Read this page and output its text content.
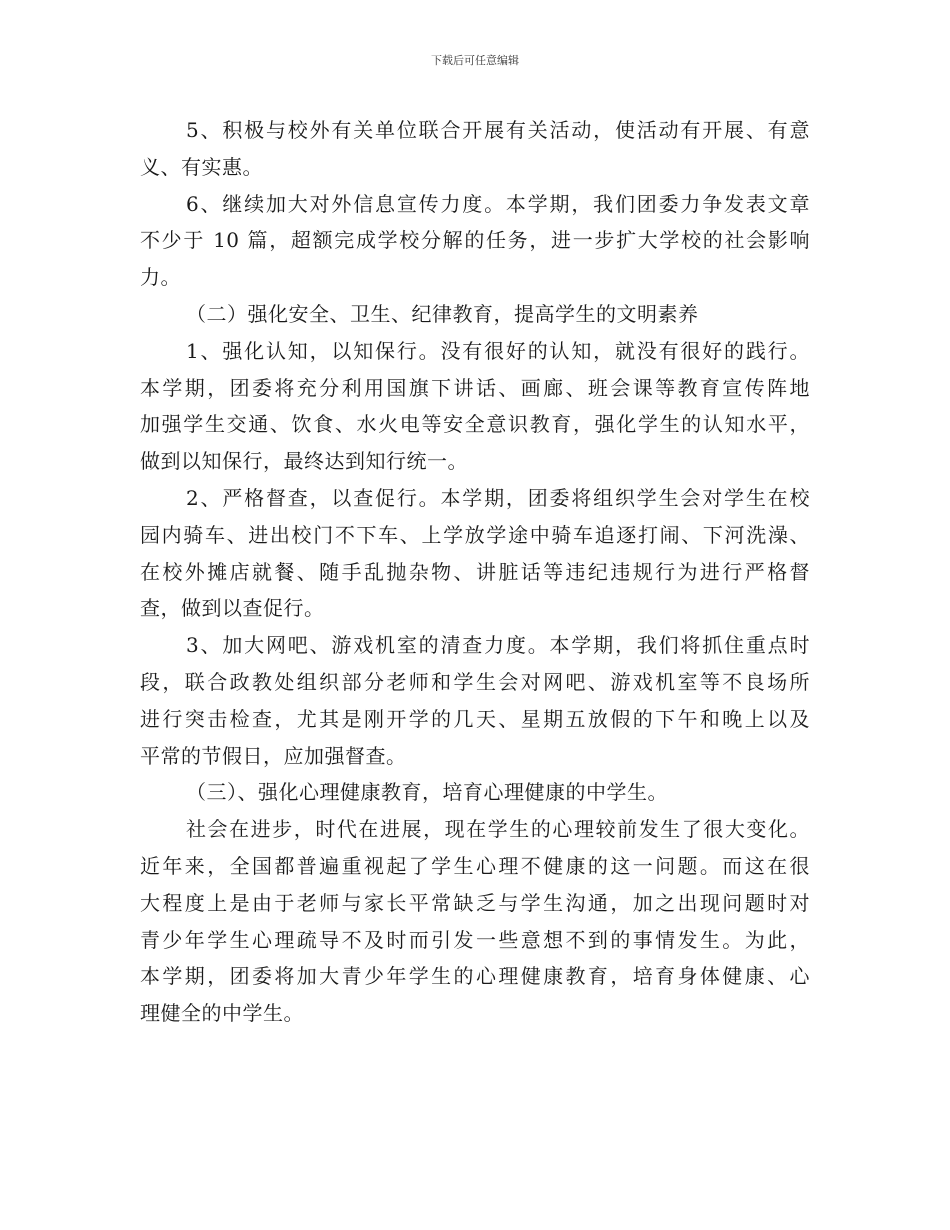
下载后可任意编辑
5、积极与校外有关单位联合开展有关活动，使活动有开展、有意
义、有实惠。
6、继续加大对外信息宣传力度。本学期，我们团委力争发表文章
不少于 10 篇，超额完成学校分解的任务，进一步扩大学校的社会影响
力。
（二）强化安全、卫生、纪律教育，提高学生的文明素养
1、强化认知，以知保行。没有很好的认知，就没有很好的践行。
本学期，团委将充分利用国旗下讲话、画廊、班会课等教育宣传阵地
加强学生交通、饮食、水火电等安全意识教育，强化学生的认知水平，
做到以知保行，最终达到知行统一。
2、严格督查，以查促行。本学期，团委将组织学生会对学生在校
园内骑车、进出校门不下车、上学放学途中骑车追逐打闹、下河洗澡、
在校外摊店就餐、随手乱抛杂物、讲脏话等违纪违规行为进行严格督
查，做到以查促行。
3、加大网吧、游戏机室的清查力度。本学期，我们将抓住重点时
段，联合政教处组织部分老师和学生会对网吧、游戏机室等不良场所
进行突击检查，尤其是刚开学的几天、星期五放假的下午和晚上以及
平常的节假日，应加强督查。
（三）、强化心理健康教育，培育心理健康的中学生。
社会在进步，时代在进展，现在学生的心理较前发生了很大变化。
近年来，全国都普遍重视起了学生心理不健康的这一问题。而这在很
大程度上是由于老师与家长平常缺乏与学生沟通，加之出现问题时对
青少年学生心理疏导不及时而引发一些意想不到的事情发生。为此，
本学期，团委将加大青少年学生的心理健康教育，培育身体健康、心
理健全的中学生。
